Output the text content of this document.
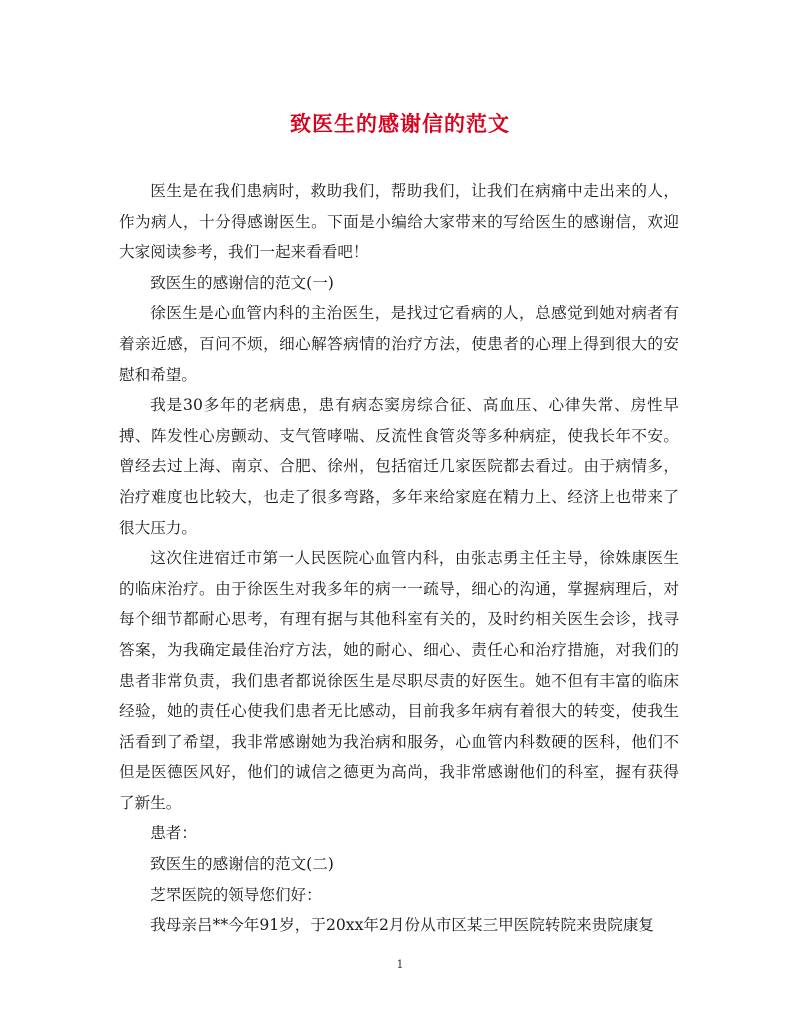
致医生的感谢信的范文

医生是在我们患病时，救助我们，帮助我们，让我们在病痛中走出来的人，作为病人，十分得感谢医生。下面是小编给大家带来的写给医生的感谢信，欢迎大家阅读参考，我们一起来看看吧！

致医生的感谢信的范文(一)

徐医生是心血管内科的主治医生，是找过它看病的人，总感觉到她对病者有着亲近感，百问不烦，细心解答病情的治疗方法，使患者的心理上得到很大的安慰和希望。

我是30多年的老病患，患有病态窦房综合征、高血压、心律失常、房性早搏、阵发性心房颤动、支气管哮喘、反流性食管炎等多种病症，使我长年不安。曾经去过上海、南京、合肥、徐州，包括宿迁几家医院都去看过。由于病情多，治疗难度也比较大，也走了很多弯路，多年来给家庭在精力上、经济上也带来了很大压力。

这次住进宿迁市第一人民医院心血管内科，由张志勇主任主导，徐姝康医生的临床治疗。由于徐医生对我多年的病一一疏导，细心的沟通，掌握病理后，对每个细节都耐心思考，有理有据与其他科室有关的，及时约相关医生会诊，找寻答案，为我确定最佳治疗方法，她的耐心、细心、责任心和治疗措施，对我们的患者非常负责，我们患者都说徐医生是尽职尽责的好医生。她不但有丰富的临床经验，她的责任心使我们患者无比感动，目前我多年病有着很大的转变，使我生活看到了希望，我非常感谢她为我治病和服务，心血管内科数硬的医科，他们不但是医德医风好，他们的诚信之德更为高尚，我非常感谢他们的科室，握有获得了新生。

患者：

致医生的感谢信的范文(二)

芝罘医院的领导您们好：

我母亲吕**今年91岁，于20xx年2月份从市区某三甲医院转院来贵院康复

1
